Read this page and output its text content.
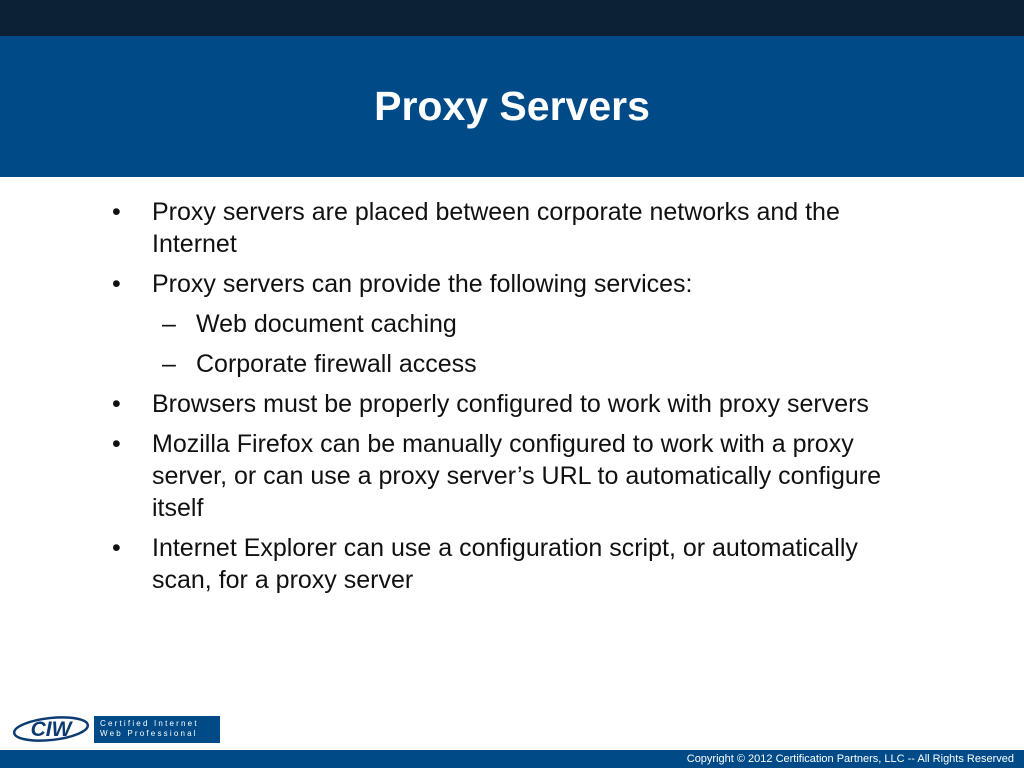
Proxy Servers
•	Proxy servers are placed between corporate networks and the Internet
•	Proxy servers can provide the following services:
– Web document caching
– Corporate firewall access
•	Browsers must be properly configured to work with proxy servers
•	Mozilla Firefox can be manually configured to work with a proxy server, or can use a proxy server’s URL to automatically configure itself
•	Internet Explorer can use a configuration script, or automatically scan, for a proxy server
CIW	Certified Internet
Web Professional
Copyright © 2012 Certification Partners, LLC -- All Rights Reserved
